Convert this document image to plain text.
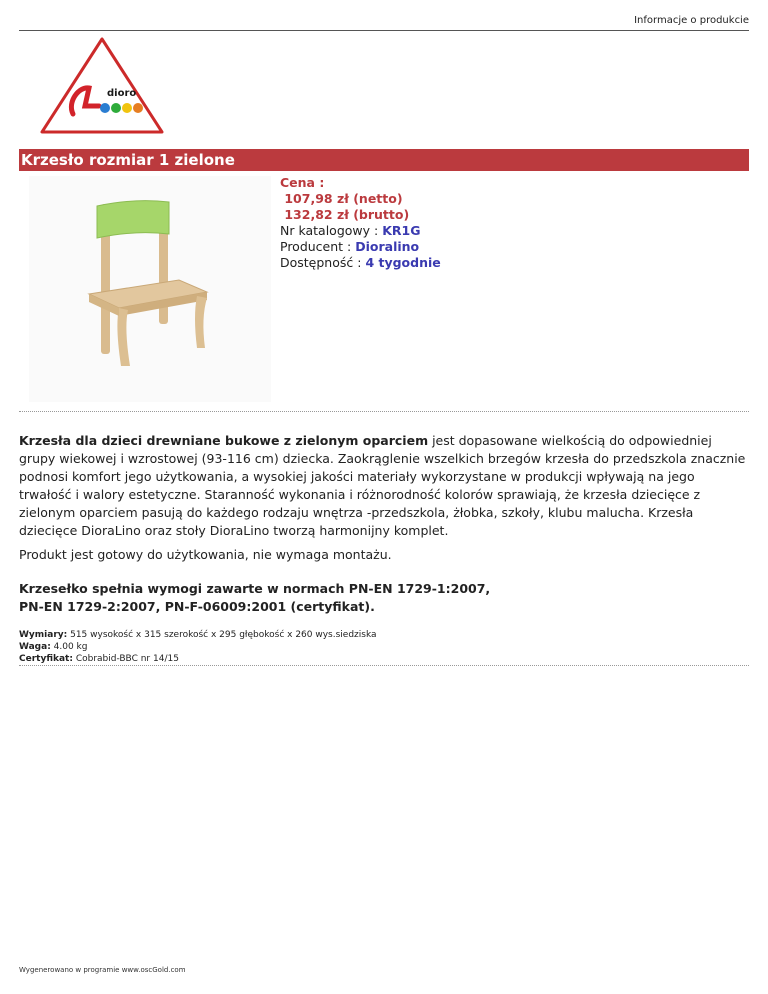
Informacje o produkcie
dioro
Lino
Krzesło rozmiar 1 zielone
Cena :
107,98 zł (netto)
132,82 zł (brutto)
Nr katalogowy : KR1G
Producent : Dioralino
Dostępność : 4 tygodnie

Krzesła dla dzieci drewniane bukowe z zielonym oparciem jest dopasowane wielkością do odpowiedniej grupy wiekowej i wzrostowej (93-116 cm) dziecka. Zaokrąglenie wszelkich brzegów krzesła do przedszkola znacznie podnosi komfort jego użytkowania, a wysokiej jakości materiały wykorzystane w produkcji wpływają na jego trwałość i walory estetyczne. Staranność wykonania i różnorodność kolorów sprawiają, że krzesła dziecięce z zielonym oparciem pasują do każdego rodzaju wnętrza -przedszkola, żłobka, szkoły, klubu malucha. Krzesła dziecięce DioraLino oraz stoły DioraLino tworzą harmonijny komplet.

Produkt jest gotowy do użytkowania, nie wymaga montażu.

Krzesełko spełnia wymogi zawarte w normach PN-EN 1729-1:2007,
PN-EN 1729-2:2007, PN-F-06009:2001 (certyfikat).

Wymiary: 515 wysokość x 315 szerokość x 295 głębokość x 260 wys.siedziska
Waga: 4.00 kg
Certyfikat: Cobrabid-BBC nr 14/15
Wygenerowano w programie www.oscGold.com
